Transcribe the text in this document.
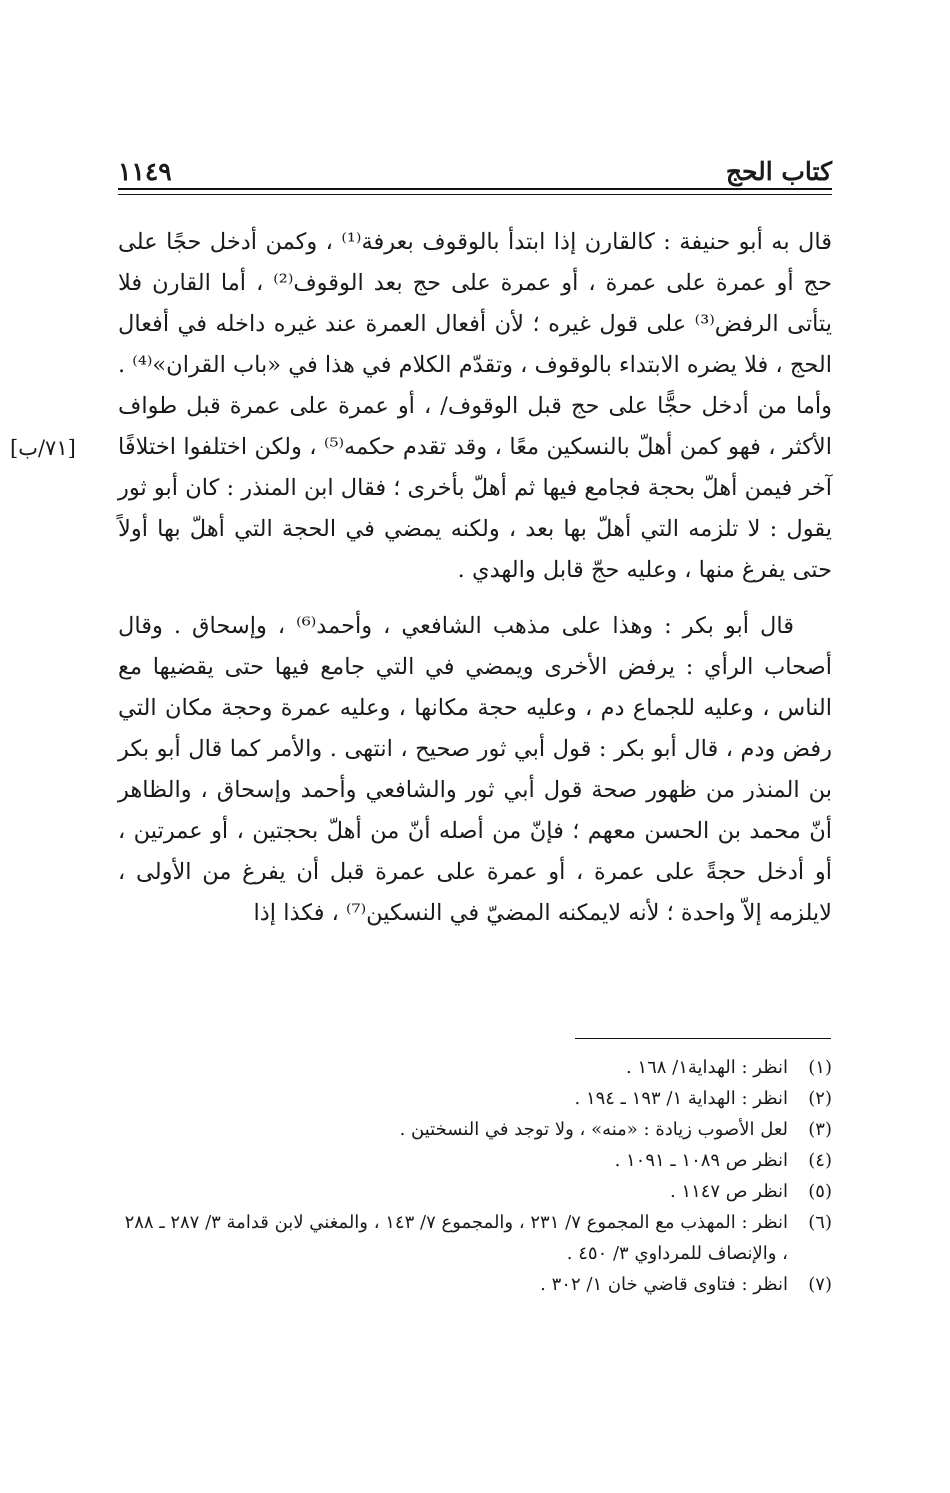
كتاب الحج
١١٤٩
[٧١/ب]

قال به أبو حنيفة : كالقارن إذا ابتدأ بالوقوف بعرفة⁽¹⁾ ، وكمن أدخل حجًا على حج أو عمرة على عمرة ، أو عمرة على حج بعد الوقوف⁽²⁾ ، أما القارن فلا يتأتى الرفض⁽³⁾ على قول غيره ؛ لأن أفعال العمرة عند غيره داخله في أفعال الحج ، فلا يضره الابتداء بالوقوف ، وتقدّم الكلام في هذا في «باب القران»⁽⁴⁾ . وأما من أدخل حجًّا على حج قبل الوقوف/ ، أو عمرة على عمرة قبل طواف الأكثر ، فهو كمن أهلّ بالنسكين معًا ، وقد تقدم حكمه⁽⁵⁾ ، ولكن اختلفوا اختلافًا آخر فيمن أهلّ بحجة فجامع فيها ثم أهلّ بأخرى ؛ فقال ابن المنذر : كان أبو ثور يقول : لا تلزمه التي أهلّ بها بعد ، ولكنه يمضي في الحجة التي أهلّ بها أولاً حتى يفرغ منها ، وعليه حجّ قابل والهدي .

قال أبو بكر : وهذا على مذهب الشافعي ، وأحمد⁽⁶⁾ ، وإسحاق . وقال أصحاب الرأي : يرفض الأخرى ويمضي في التي جامع فيها حتى يقضيها مع الناس ، وعليه للجماع دم ، وعليه حجة مكانها ، وعليه عمرة وحجة مكان التي رفض ودم ، قال أبو بكر : قول أبي ثور صحيح ، انتهى . والأمر كما قال أبو بكر بن المنذر من ظهور صحة قول أبي ثور والشافعي وأحمد وإسحاق ، والظاهر أنّ محمد بن الحسن معهم ؛ فإنّ من أصله أنّ من أهلّ بحجتين ، أو عمرتين ، أو أدخل حجةً على عمرة ، أو عمرة على عمرة قبل أن يفرغ من الأولى ، لايلزمه إلاّ واحدة ؛ لأنه لايمكنه المضيّ في النسكين⁽⁷⁾ ، فكذا إذا

(١)
انظر : الهداية١/ ١٦٨ .
(٢)
انظر : الهداية ١/ ١٩٣ ـ ١٩٤ .
(٣)
لعل الأصوب زيادة : «منه» ، ولا توجد في النسختين .
(٤)
انظر ص ١٠٨٩ ـ ١٠٩١ .
(٥)
انظر ص ١١٤٧ .
(٦)
انظر : المهذب مع المجموع ٧/ ٢٣١ ، والمجموع ٧/ ١٤٣ ، والمغني لابن قدامة ٣/ ٢٨٧ ـ ٢٨٨ ، والإنصاف للمرداوي ٣/ ٤٥٠ .
(٧)
انظر : فتاوى قاضي خان ١/ ٣٠٢ .
